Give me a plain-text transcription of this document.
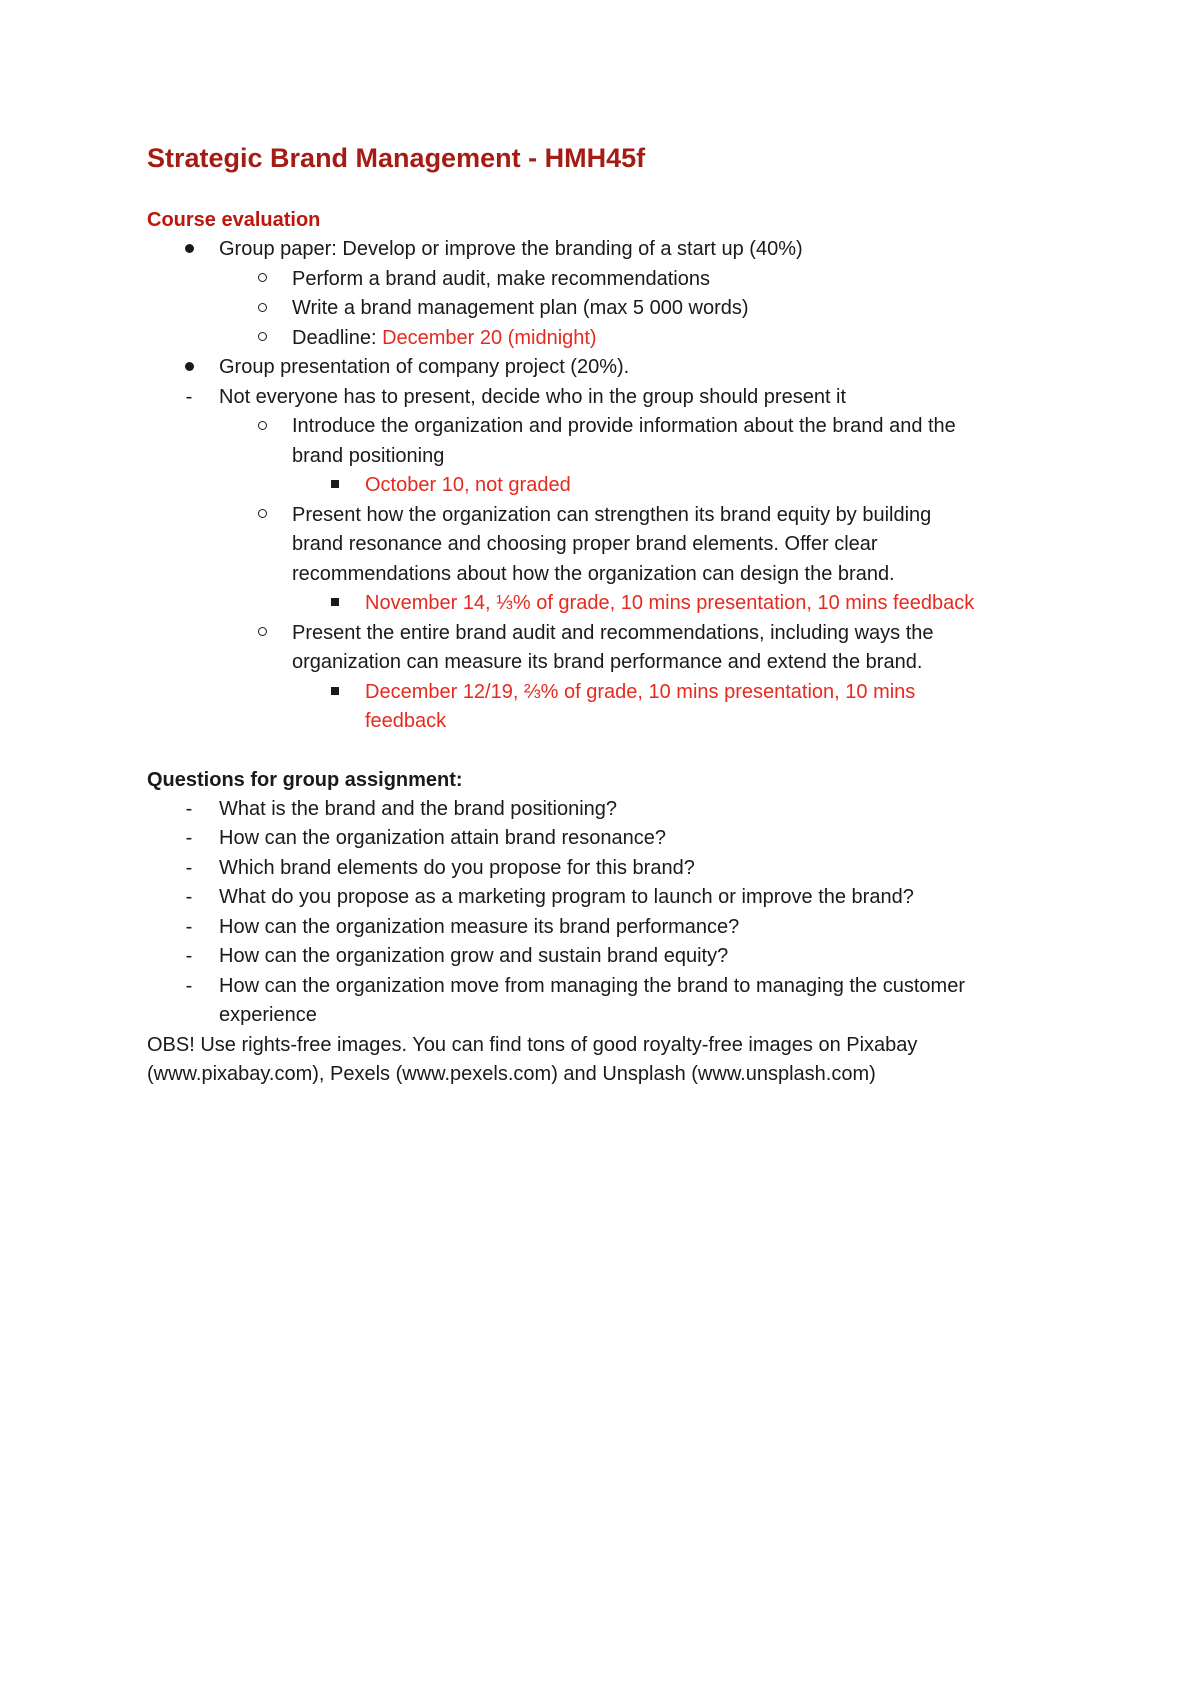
Strategic Brand Management - HMH45f
Course evaluation
Group paper: Develop or improve the branding of a start up (40%)
Perform a brand audit, make recommendations
Write a brand management plan (max 5 000 words)
Deadline: December 20 (midnight)
Group presentation of company project (20%).
-	Not everyone has to present, decide who in the group should present it
Introduce the organization and provide information about the brand and the
brand positioning
October 10, not graded
Present how the organization can strengthen its brand equity by building
brand resonance and choosing proper brand elements. Offer clear
recommendations about how the organization can design the brand.
November 14, ⅓% of grade, 10 mins presentation, 10 mins feedback
Present the entire brand audit and recommendations, including ways the
organization can measure its brand performance and extend the brand.
December 12/19, ⅔% of grade, 10 mins presentation, 10 mins
feedback
Questions for group assignment:
-	What is the brand and the brand positioning?
-	How can the organization attain brand resonance?
-	Which brand elements do you propose for this brand?
-	What do you propose as a marketing program to launch or improve the brand?
-	How can the organization measure its brand performance?
-	How can the organization grow and sustain brand equity?
-	How can the organization move from managing the brand to managing the customer
experience
OBS! Use rights-free images. You can find tons of good royalty-free images on Pixabay
(www.pixabay.com), Pexels (www.pexels.com) and Unsplash (www.unsplash.com)
